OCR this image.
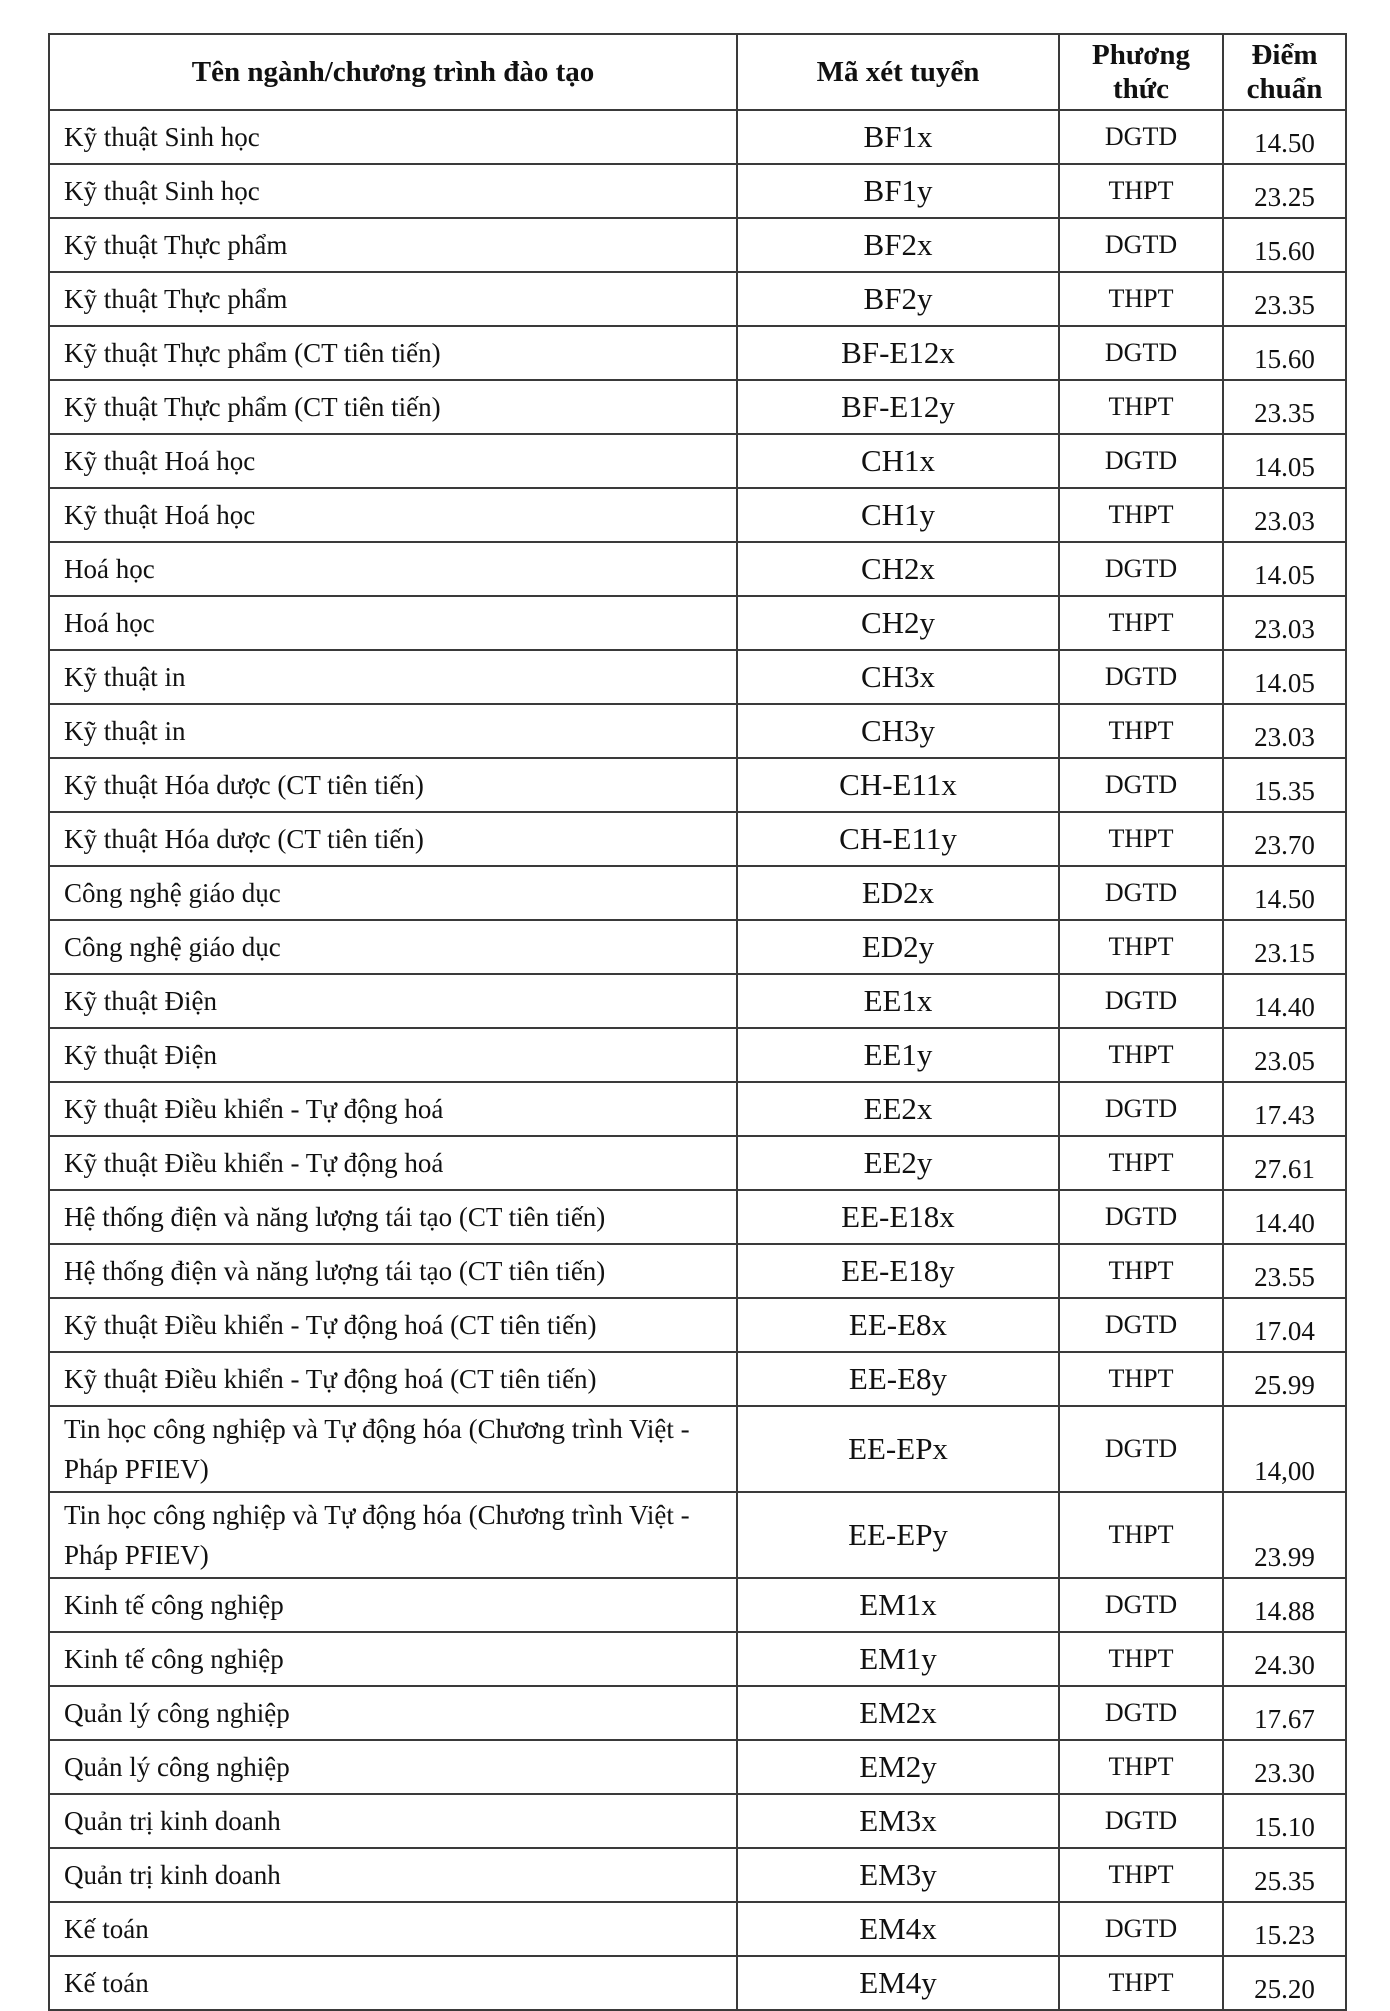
Tên ngành/chương trình đào tạo	Mã xét tuyển	Phương thức	Điểm chuẩn
Kỹ thuật Sinh học	BF1x	DGTD	14.50
Kỹ thuật Sinh học	BF1y	THPT	23.25
Kỹ thuật Thực phẩm	BF2x	DGTD	15.60
Kỹ thuật Thực phẩm	BF2y	THPT	23.35
Kỹ thuật Thực phẩm (CT tiên tiến)	BF-E12x	DGTD	15.60
Kỹ thuật Thực phẩm (CT tiên tiến)	BF-E12y	THPT	23.35
Kỹ thuật Hoá học	CH1x	DGTD	14.05
Kỹ thuật Hoá học	CH1y	THPT	23.03
Hoá học	CH2x	DGTD	14.05
Hoá học	CH2y	THPT	23.03
Kỹ thuật in	CH3x	DGTD	14.05
Kỹ thuật in	CH3y	THPT	23.03
Kỹ thuật Hóa dược (CT tiên tiến)	CH-E11x	DGTD	15.35
Kỹ thuật Hóa dược (CT tiên tiến)	CH-E11y	THPT	23.70
Công nghệ giáo dục	ED2x	DGTD	14.50
Công nghệ giáo dục	ED2y	THPT	23.15
Kỹ thuật Điện	EE1x	DGTD	14.40
Kỹ thuật Điện	EE1y	THPT	23.05
Kỹ thuật Điều khiển - Tự động hoá	EE2x	DGTD	17.43
Kỹ thuật Điều khiển - Tự động hoá	EE2y	THPT	27.61
Hệ thống điện và năng lượng tái tạo (CT tiên tiến)	EE-E18x	DGTD	14.40
Hệ thống điện và năng lượng tái tạo (CT tiên tiến)	EE-E18y	THPT	23.55
Kỹ thuật Điều khiển - Tự động hoá (CT tiên tiến)	EE-E8x	DGTD	17.04
Kỹ thuật Điều khiển - Tự động hoá (CT tiên tiến)	EE-E8y	THPT	25.99
Tin học công nghiệp và Tự động hóa (Chương trình Việt - Pháp PFIEV)	EE-EPx	DGTD	14,00
Tin học công nghiệp và Tự động hóa (Chương trình Việt - Pháp PFIEV)	EE-EPy	THPT	23.99
Kinh tế công nghiệp	EM1x	DGTD	14.88
Kinh tế công nghiệp	EM1y	THPT	24.30
Quản lý công nghiệp	EM2x	DGTD	17.67
Quản lý công nghiệp	EM2y	THPT	23.30
Quản trị kinh doanh	EM3x	DGTD	15.10
Quản trị kinh doanh	EM3y	THPT	25.35
Kế toán	EM4x	DGTD	15.23
Kế toán	EM4y	THPT	25.20
